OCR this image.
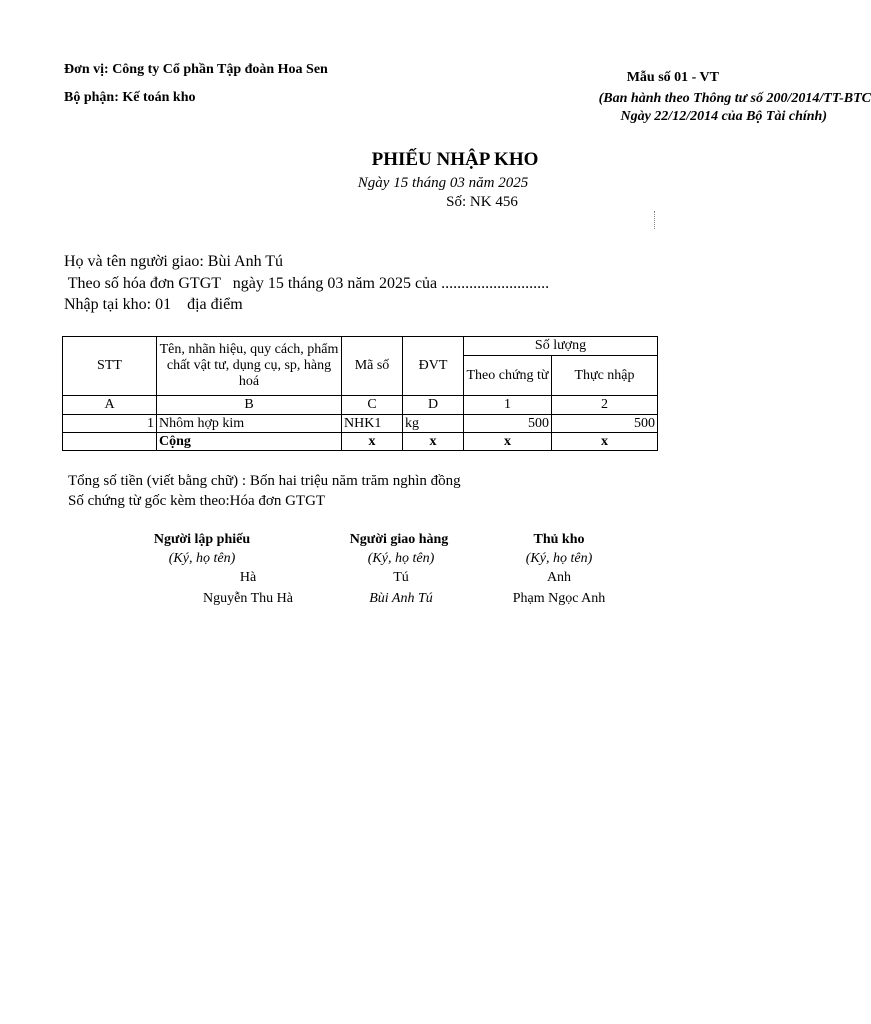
Đơn vị: Công ty Cổ phần Tập đoàn Hoa Sen
Bộ phận: Kế toán kho
Mẫu số 01 - VT
(Ban hành theo Thông tư số 200/2014/TT-BTC
Ngày 22/12/2014 của Bộ Tài chính)
PHIẾU NHẬP KHO
Ngày 15 tháng 03 năm 2025
Số: NK 456
Họ và tên người giao: Bùi Anh Tú
Theo số hóa đơn GTGT   ngày 15 tháng 03 năm 2025 của ...........................
Nhập tại kho: 01    địa điểm
STT	Tên, nhãn hiệu, quy cách, phẩm chất vật tư, dụng cụ, sp, hàng hoá	Mã số	ĐVT	Số lượng	
				Theo chứng từ	Thực nhập
A	B	C	D	1	2
1	Nhôm hợp kim	NHK1	kg	500	500
	Cộng	x	x	x	x
Tổng số tiền (viết bằng chữ) : Bốn hai triệu năm trăm nghìn đồng
Số chứng từ gốc kèm theo:Hóa đơn GTGT
Người lập phiếu
(Ký, họ tên)
Hà
Nguyễn Thu Hà
Người giao hàng
(Ký, họ tên)
Tú
Bùi Anh Tú
Thủ kho
(Ký, họ tên)
Anh
Phạm Ngọc Anh
